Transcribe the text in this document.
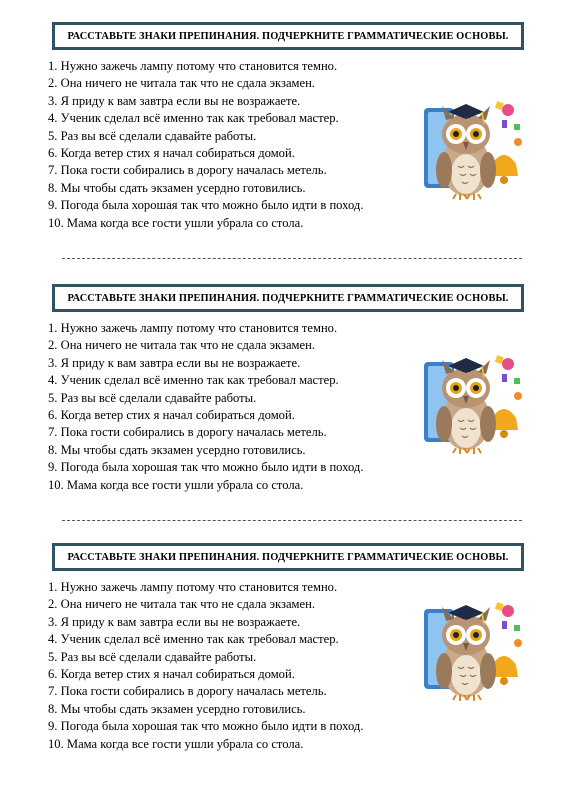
РАССТАВЬТЕ ЗНАКИ ПРЕПИНАНИЯ. ПОДЧЕРКНИТЕ ГРАММАТИЧЕСКИЕ ОСНОВЫ.
1. Нужно зажечь лампу потому что становится темно.
2. Она ничего не читала так что не сдала экзамен.
3. Я приду к вам завтра если вы не возражаете.
4. Ученик сделал всё именно так как требовал мастер.
5. Раз вы всё сделали сдавайте работы.
6. Когда ветер стих я начал собираться домой.
7. Пока гости собирались в дорогу началась метель.
8. Мы чтобы сдать экзамен усердно готовились.
9. Погода была хорошая так что можно было идти в поход.
10. Мама когда все гости ушли убрала со стола.
РАССТАВЬТЕ ЗНАКИ ПРЕПИНАНИЯ. ПОДЧЕРКНИТЕ ГРАММАТИЧЕСКИЕ ОСНОВЫ.
1. Нужно зажечь лампу потому что становится темно.
2. Она ничего не читала так что не сдала экзамен.
3. Я приду к вам завтра если вы не возражаете.
4. Ученик сделал всё именно так как требовал мастер.
5. Раз вы всё сделали сдавайте работы.
6. Когда ветер стих я начал собираться домой.
7. Пока гости собирались в дорогу началась метель.
8. Мы чтобы сдать экзамен усердно готовились.
9. Погода была хорошая так что можно было идти в поход.
10. Мама когда все гости ушли убрала со стола.
РАССТАВЬТЕ ЗНАКИ ПРЕПИНАНИЯ. ПОДЧЕРКНИТЕ ГРАММАТИЧЕСКИЕ ОСНОВЫ.
1. Нужно зажечь лампу потому что становится темно.
2. Она ничего не читала так что не сдала экзамен.
3. Я приду к вам завтра если вы не возражаете.
4. Ученик сделал всё именно так как требовал мастер.
5. Раз вы всё сделали сдавайте работы.
6. Когда ветер стих я начал собираться домой.
7. Пока гости собирались в дорогу началась метель.
8. Мы чтобы сдать экзамен усердно готовились.
9. Погода была хорошая так что можно было идти в поход.
10. Мама когда все гости ушли убрала со стола.
